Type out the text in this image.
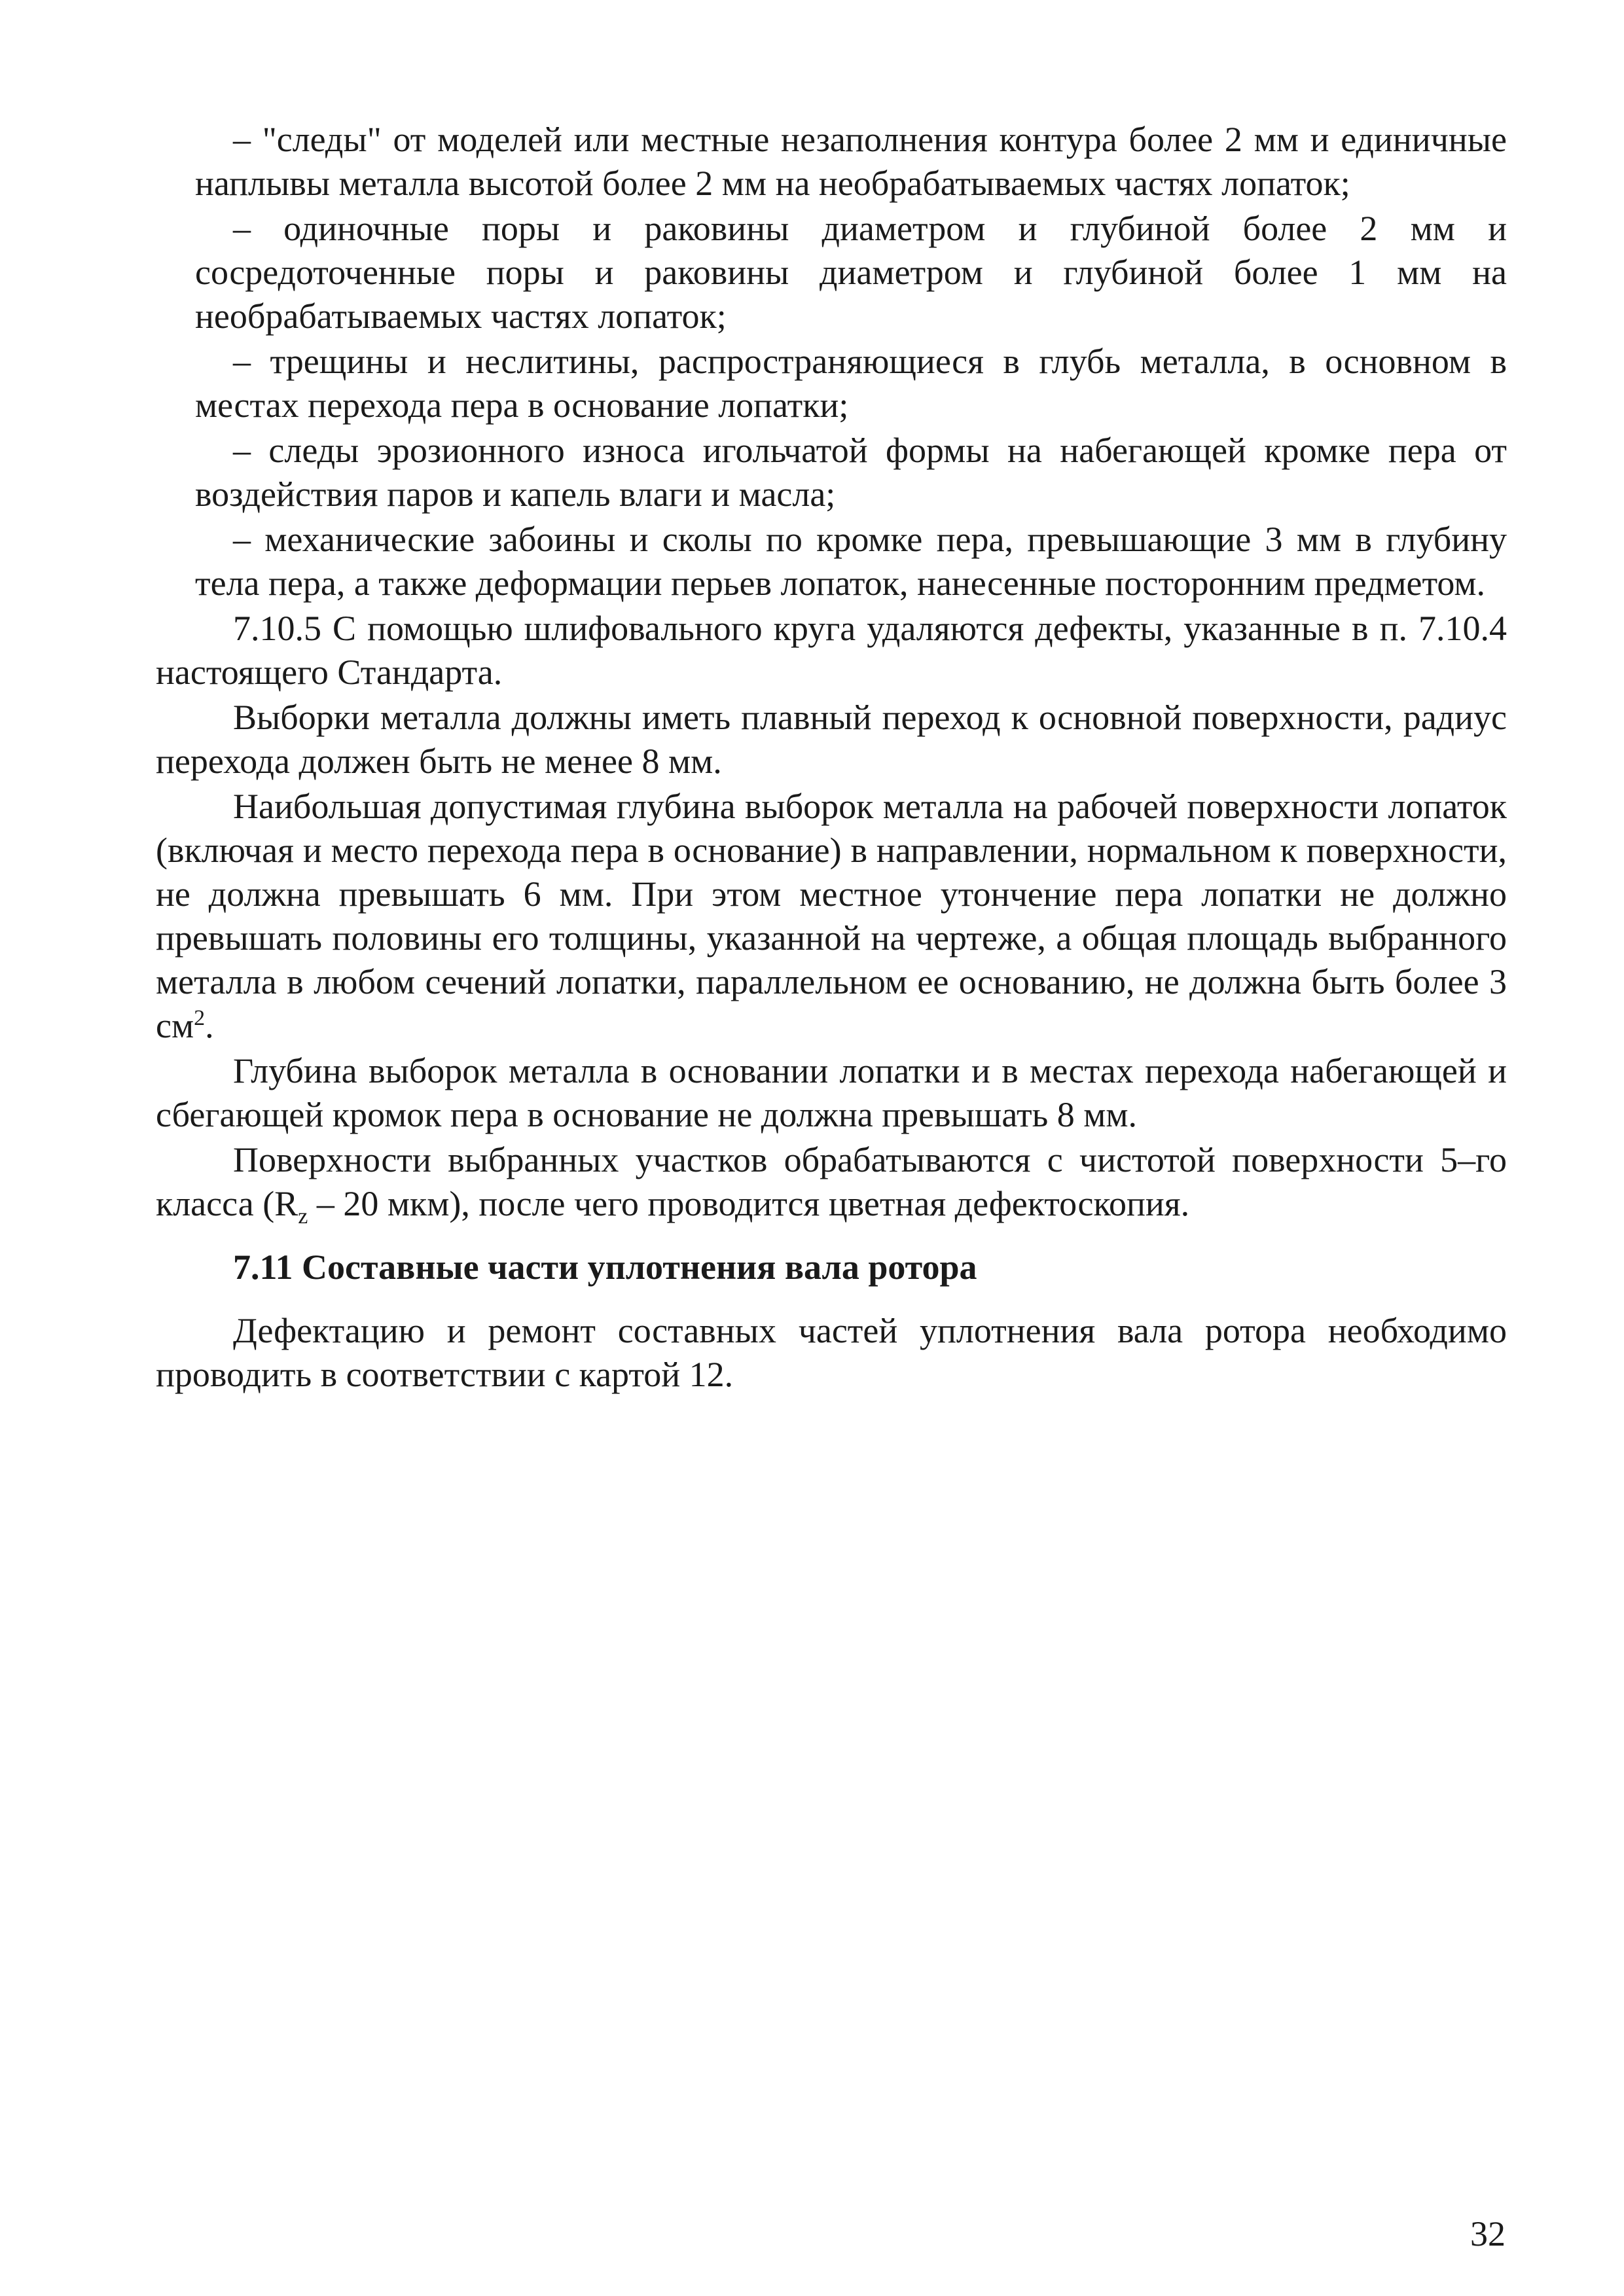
– "следы" от моделей или местные незаполнения контура более 2 мм и единичные наплывы металла высотой более 2 мм на необрабатываемых частях лопаток;

– одиночные поры и раковины диаметром и глубиной более 2 мм и сосредоточенные поры и раковины диаметром и глубиной более 1 мм на необрабатываемых частях лопаток;

– трещины и неслитины, распространяющиеся в глубь металла, в основном в местах перехода пера в основание лопатки;

– следы эрозионного износа игольчатой формы на набегающей кромке пера от воздействия паров и капель влаги и масла;

– механические забоины и сколы по кромке пера, превышающие 3 мм в глубину тела пера, а также деформации перьев лопаток, нанесенные посторонним предметом.

7.10.5 С помощью шлифовального круга удаляются дефекты, указанные в п. 7.10.4 настоящего Стандарта.

Выборки металла должны иметь плавный переход к основной поверхности, радиус перехода должен быть не менее 8 мм.

Наибольшая допустимая глубина выборок металла на рабочей поверхности лопаток (включая и место перехода пера в основание) в направлении, нормальном к поверхности, не должна превышать 6 мм. При этом местное утончение пера лопатки не должно превышать половины его толщины, указанной на чертеже, а общая площадь выбранного металла в любом сечений лопатки, параллельном ее основанию, не должна быть более 3 $см^2$.

Глубина выборок металла в основании лопатки и в местах перехода набегающей и сбегающей кромок пера в основание не должна превышать 8 мм.

Поверхности выбранных участков обрабатываются с чистотой поверхности 5–го класса ($R_z - 20$ мкм), после чего проводится цветная дефектоскопия.

7.11 Составные части уплотнения вала ротора

Дефектацию и ремонт составных частей уплотнения вала ротора необходимо проводить в соответствии с картой 12.

32
